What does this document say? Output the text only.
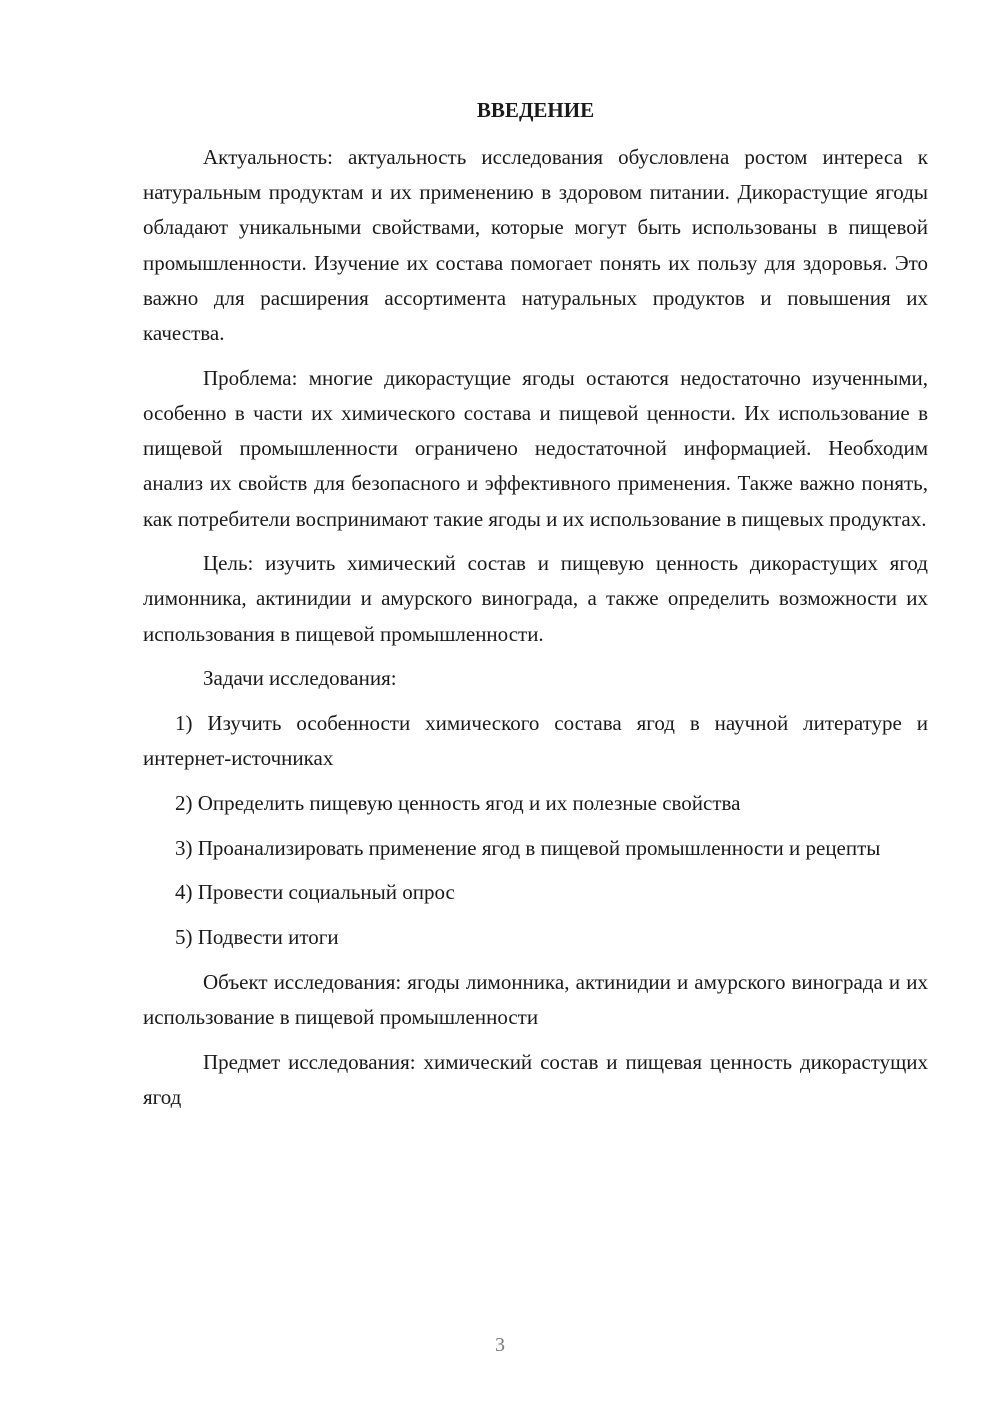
ВВЕДЕНИЕ

Актуальность: актуальность исследования обусловлена ростом интереса к натуральным продуктам и их применению в здоровом питании. Дикорастущие ягоды обладают уникальными свойствами, которые могут быть использованы в пищевой промышленности. Изучение их состава помогает понять их пользу для здоровья. Это важно для расширения ассортимента натуральных продуктов и повышения их качества.

Проблема: многие дикорастущие ягоды остаются недостаточно изученными, особенно в части их химического состава и пищевой ценности. Их использование в пищевой промышленности ограничено недостаточной информацией. Необходим анализ их свойств для безопасного и эффективного применения. Также важно понять, как потребители воспринимают такие ягоды и их использование в пищевых продуктах.

Цель: изучить химический состав и пищевую ценность дикорастущих ягод лимонника, актинидии и амурского винограда, а также определить возможности их использования в пищевой промышленности.

Задачи исследования:

1) Изучить особенности химического состава ягод в научной литературе и интернет-источниках

2) Определить пищевую ценность ягод и их полезные свойства

3) Проанализировать применение ягод в пищевой промышленности и рецепты

4) Провести социальный опрос

5) Подвести итоги

Объект исследования: ягоды лимонника, актинидии и амурского винограда и их использование в пищевой промышленности

Предмет исследования: химический состав и пищевая ценность дикорастущих ягод

3
